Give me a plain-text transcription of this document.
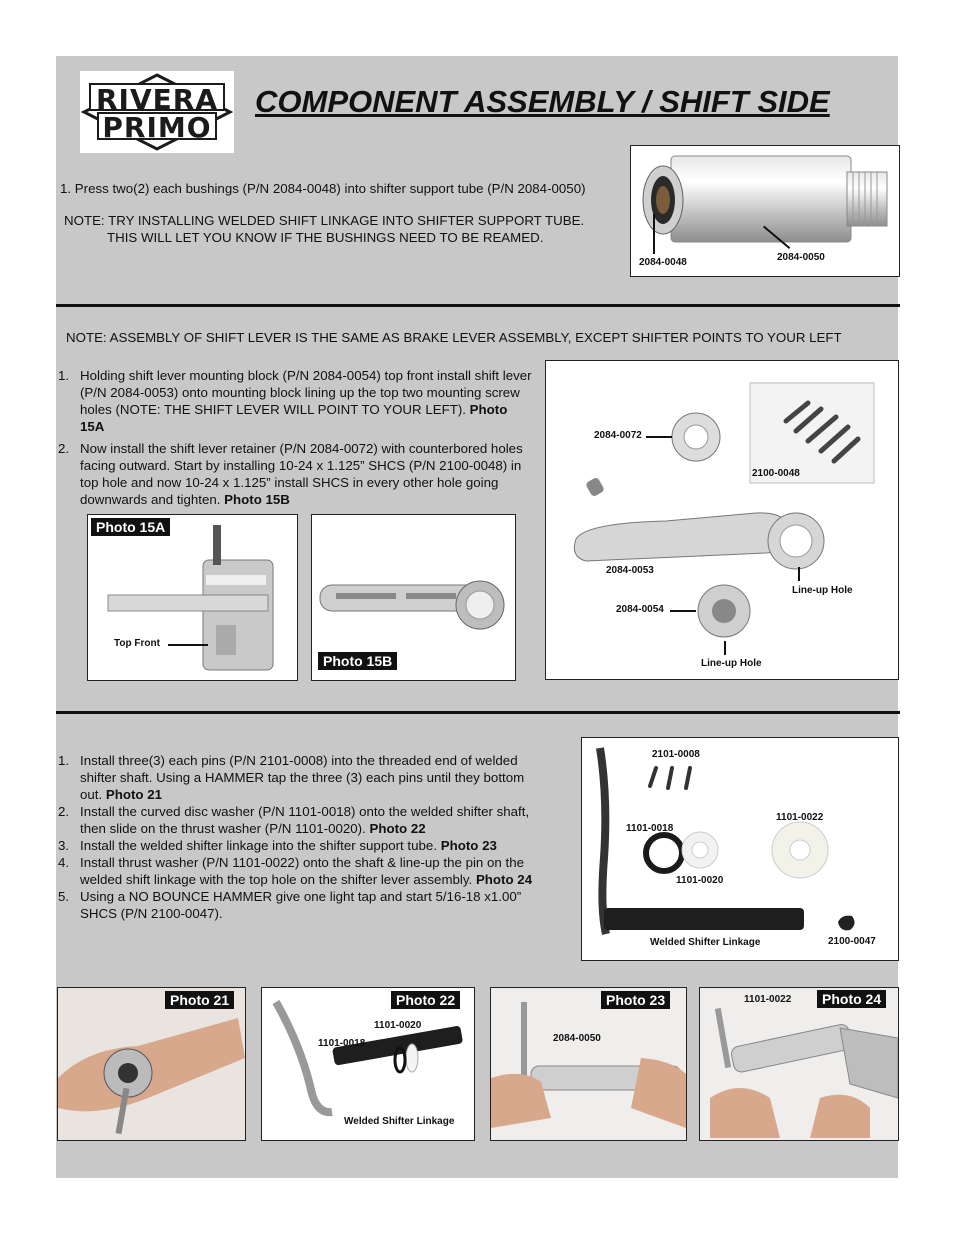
RIVERA
PRIMO
COMPONENT ASSEMBLY / SHIFT SIDE
1. Press two(2) each bushings (P/N 2084-0048) into shifter support tube (P/N 2084-0050)
NOTE: TRY INSTALLING WELDED SHIFT LINKAGE INTO SHIFTER SUPPORT TUBE.
THIS WILL LET YOU KNOW IF THE BUSHINGS NEED TO BE REAMED.
2084-0048	2084-0050
NOTE: ASSEMBLY OF SHIFT LEVER IS THE SAME AS BRAKE LEVER ASSEMBLY, EXCEPT SHIFTER POINTS TO YOUR LEFT
1. Holding shift lever mounting block (P/N 2084-0054) top front install shift lever (P/N 2084-0053) onto mounting block lining up the top two mounting screw holes (NOTE: THE SHIFT LEVER WILL POINT TO YOUR LEFT). Photo 15A
2. Now install the shift lever retainer (P/N 2084-0072) with counterbored holes facing outward. Start by installing 10-24 x 1.125” SHCS (P/N 2100-0048) in top hole and now 10-24 x 1.125” install SHCS in every other hole going downwards and tighten. Photo 15B
Photo 15A
Top Front
Photo 15B
2084-0072
2100-0048
2084-0053
Line-up Hole
2084-0054
Line-up Hole
1. Install three(3) each pins (P/N 2101-0008) into the threaded end of welded shifter shaft. Using a HAMMER tap the three (3) each pins until they bottom out. Photo 21
2. Install the curved disc washer (P/N 1101-0018) onto the welded shifter shaft, then slide on the thrust washer (P/N 1101-0020). Photo 22
3. Install the welded shifter linkage into the shifter support tube. Photo 23
4. Install thrust washer (P/N 1101-0022) onto the shaft & line-up the pin on the welded shift linkage with the top hole on the shifter lever assembly. Photo 24
5. Using a NO BOUNCE HAMMER give one light tap and start 5/16-18 x1.00” SHCS (P/N 2100-0047).
2101-0008
1101-0018
1101-0022
1101-0020
Welded Shifter Linkage	2100-0047
Photo 21	Photo 22
1101-0020
1101-0018
Welded Shifter Linkage
Photo 23
2084-0050
Photo 24
1101-0022
